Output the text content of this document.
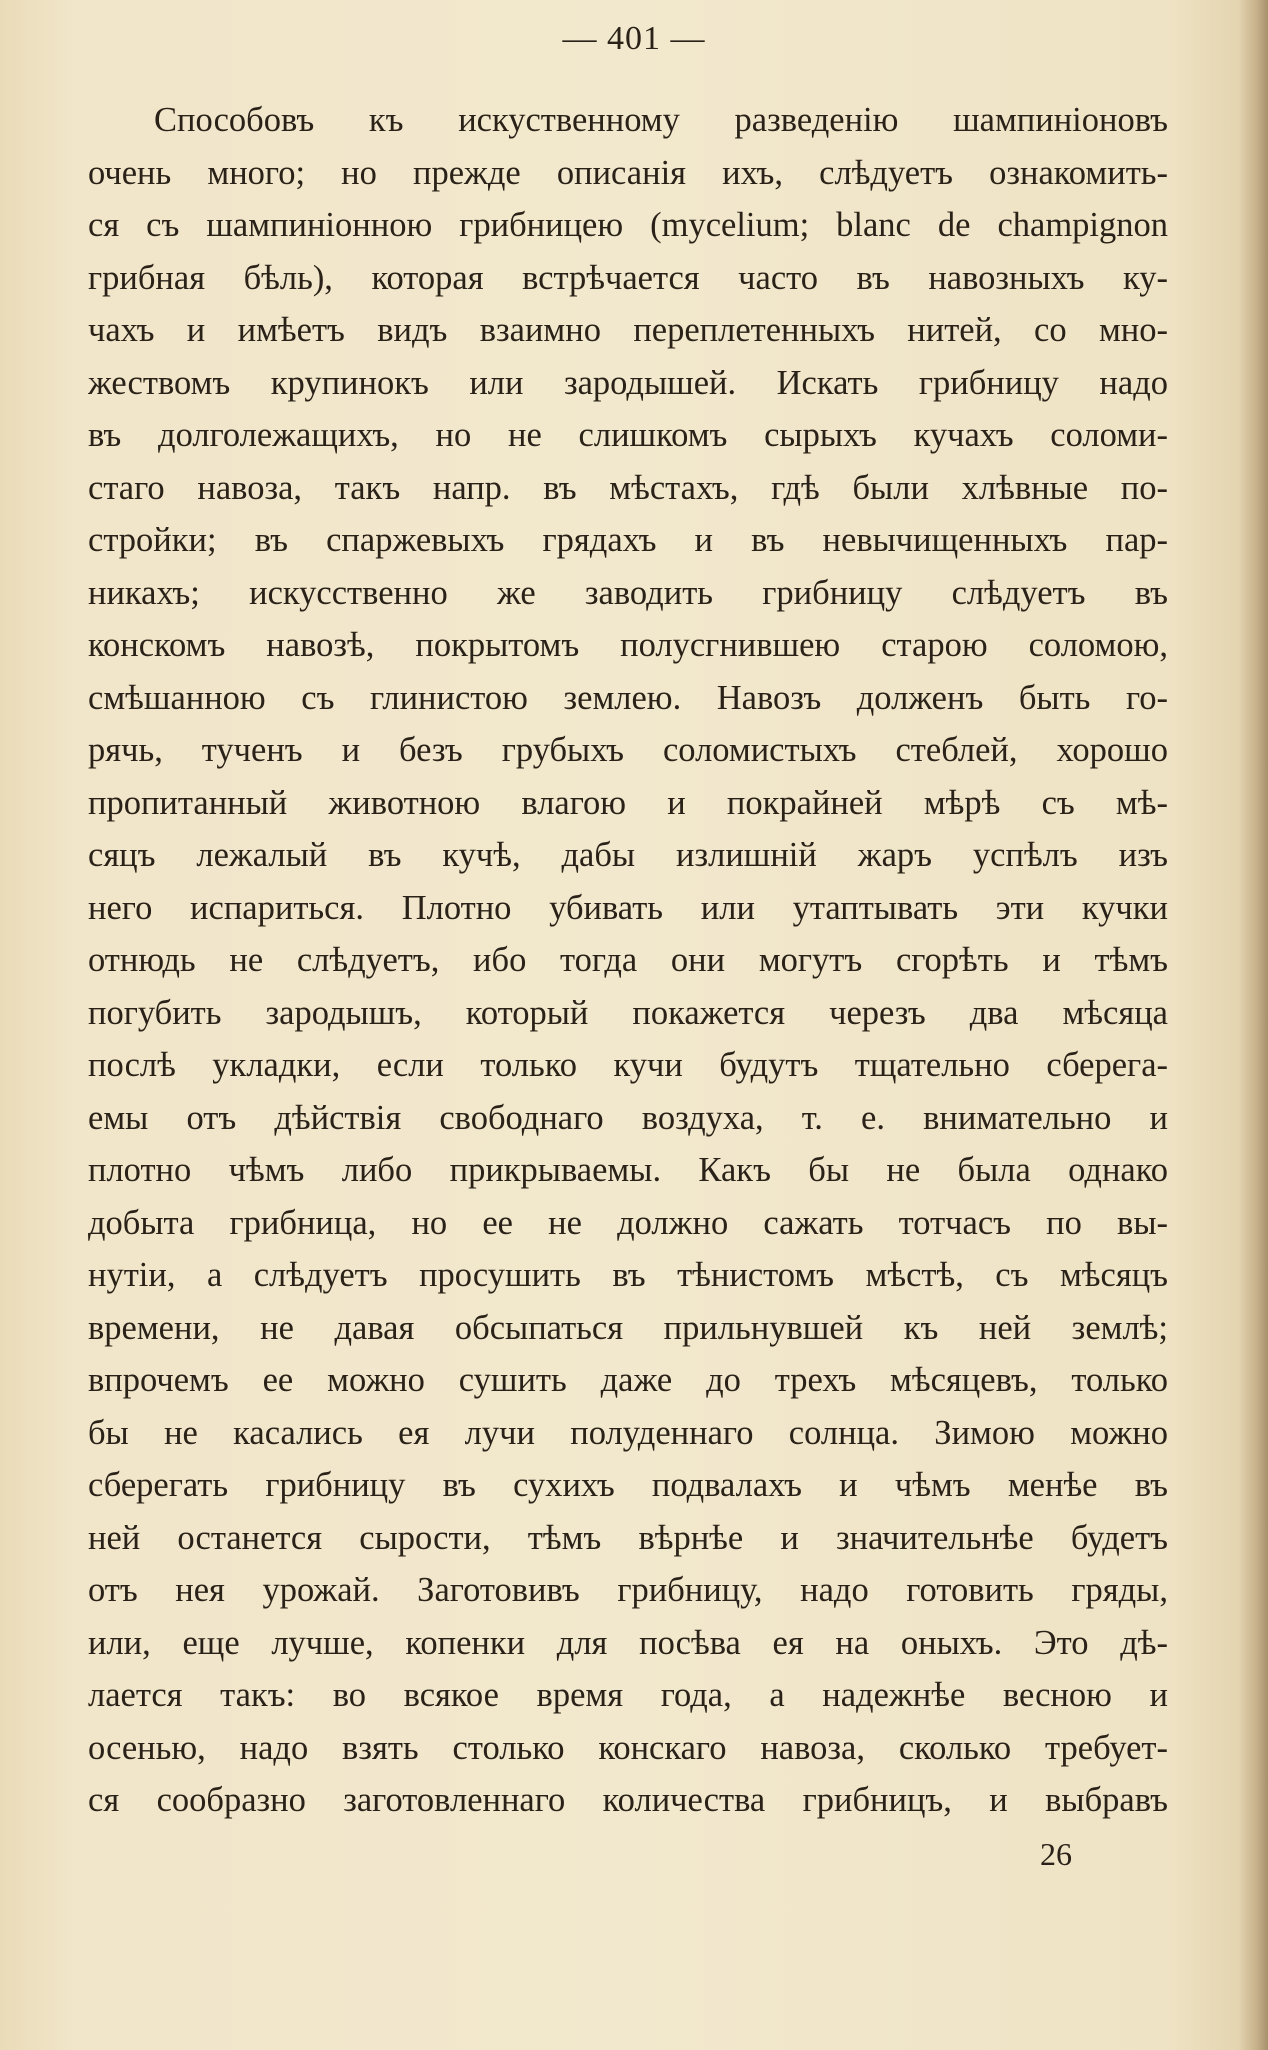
— 401 —
Способовъ къ искуственному разведенію шампиніоновъ
очень много; но прежде описанія ихъ, слѣдуетъ ознакомить-
ся съ шампиніонною грибницею (mycelium; blanc de champignon
грибная бѣль), которая встрѣчается часто въ навозныхъ ку-
чахъ и имѣетъ видъ взаимно переплетенныхъ нитей, со мно-
жествомъ крупинокъ или зародышей. Искать грибницу надо
въ долголежащихъ, но не слишкомъ сырыхъ кучахъ соломи-
стаго навоза, такъ напр. въ мѣстахъ, гдѣ были хлѣвные по-
стройки; въ спаржевыхъ грядахъ и въ невычищенныхъ пар-
никахъ; искусственно же заводить грибницу слѣдуетъ въ
конскомъ навозѣ, покрытомъ полусгнившею старою соломою,
смѣшанною съ глинистою землею. Навозъ долженъ быть го-
рячь, тученъ и безъ грубыхъ соломистыхъ стеблей, хорошо
пропитанный животною влагою и покрайней мѣрѣ съ мѣ-
сяцъ лежалый въ кучѣ, дабы излишній жаръ успѣлъ изъ
него испариться. Плотно убивать или утаптывать эти кучки
отнюдь не слѣдуетъ, ибо тогда они могутъ сгорѣть и тѣмъ
погубить зародышъ, который покажется черезъ два мѣсяца
послѣ укладки, если только кучи будутъ тщательно сберега-
емы отъ дѣйствія свободнаго воздуха, т. е. внимательно и
плотно чѣмъ либо прикрываемы. Какъ бы не была однако
добыта грибница, но ее не должно сажать тотчасъ по вы-
нутіи, а слѣдуетъ просушить въ тѣнистомъ мѣстѣ, съ мѣсяцъ
времени, не давая обсыпаться прильнувшей къ ней землѣ;
впрочемъ ее можно сушить даже до трехъ мѣсяцевъ, только
бы не касались ея лучи полуденнаго солнца. Зимою можно
сберегать грибницу въ сухихъ подвалахъ и чѣмъ менѣе въ
ней останется сырости, тѣмъ вѣрнѣе и значительнѣе будетъ
отъ нея урожай. Заготовивъ грибницу, надо готовить гряды,
или, еще лучше, копенки для посѣва ея на оныхъ. Это дѣ-
лается такъ: во всякое время года, а надежнѣе весною и
осенью, надо взять столько конскаго навоза, сколько требует-
ся сообразно заготовленнаго количества грибницъ, и выбравъ
26
